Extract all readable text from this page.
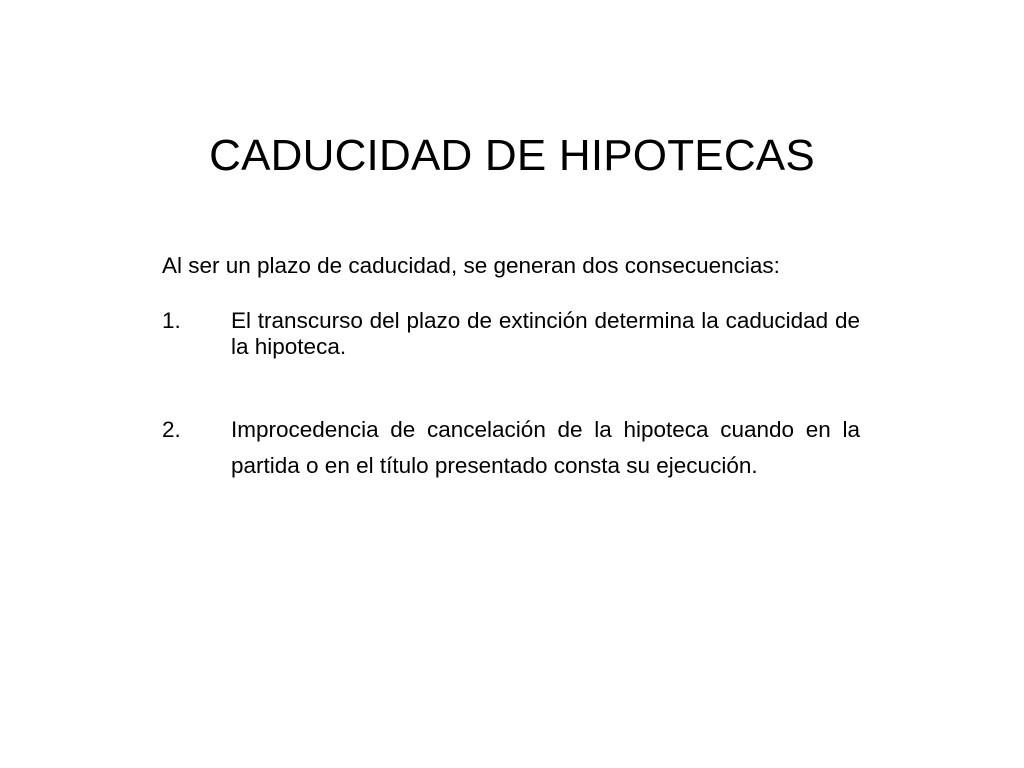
CADUCIDAD DE HIPOTECAS

Al ser un plazo de caducidad, se generan dos consecuencias:

1. El transcurso del plazo de extinción determina la caducidad de la hipoteca.
2. Improcedencia de cancelación de la hipoteca cuando en la partida o en el título presentado consta su ejecución.
